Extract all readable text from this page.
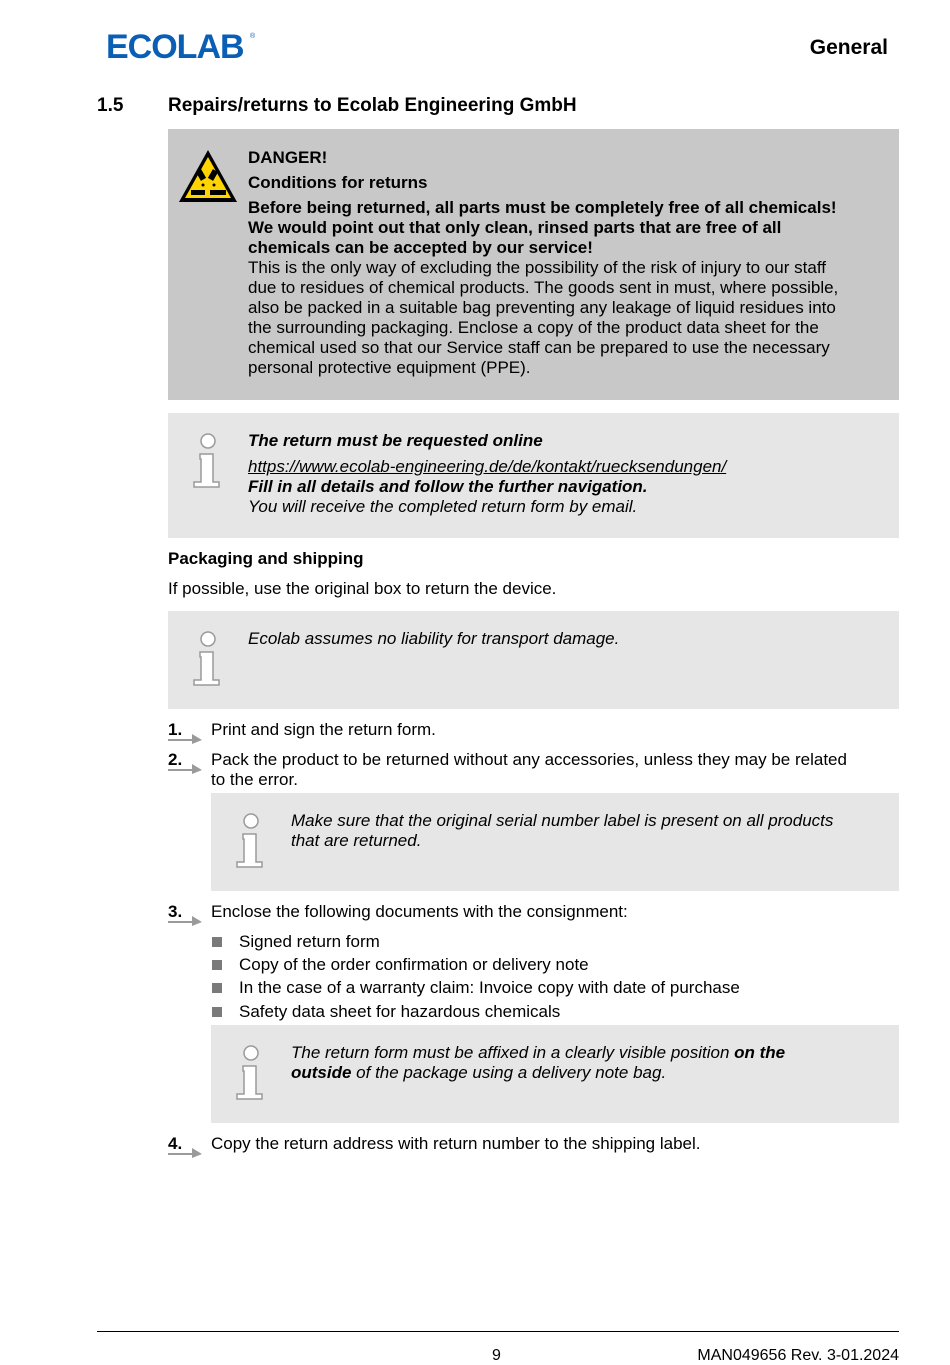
ECOLAB ®	General
1.5 Repairs/returns to Ecolab Engineering GmbH
DANGER!
Conditions for returns
Before being returned, all parts must be completely free of all chemicals!
We would point out that only clean, rinsed parts that are free of all
chemicals can be accepted by our service!
This is the only way of excluding the possibility of the risk of injury to our staff
due to residues of chemical products. The goods sent in must, where possible,
also be packed in a suitable bag preventing any leakage of liquid residues into
the surrounding packaging. Enclose a copy of the product data sheet for the
chemical used so that our Service staff can be prepared to use the necessary
personal protective equipment (PPE).
The return must be requested online
https://www.ecolab-engineering.de/de/kontakt/ruecksendungen/
Fill in all details and follow the further navigation.
You will receive the completed return form by email.
Packaging and shipping
If possible, use the original box to return the device.
Ecolab assumes no liability for transport damage.
1. Print and sign the return form.
2. Pack the product to be returned without any accessories, unless they may be related
to the error.
Make sure that the original serial number label is present on all products
that are returned.
3. Enclose the following documents with the consignment:
Signed return form
Copy of the order confirmation or delivery note
In the case of a warranty claim: Invoice copy with date of purchase
Safety data sheet for hazardous chemicals
The return form must be affixed in a clearly visible position on the
outside of the package using a delivery note bag.
4. Copy the return address with return number to the shipping label.
9	MAN049656 Rev. 3-01.2024
